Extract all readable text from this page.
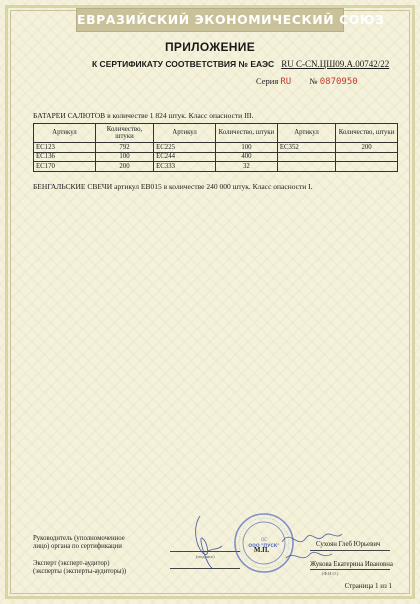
ЕВРАЗИЙСКИЙ ЭКОНОМИЧЕСКИЙ СОЮЗ
ПРИЛОЖЕНИЕ
К СЕРТИФИКАТУ СООТВЕТСТВИЯ № ЕАЭС RU C-CN.ЦШ09.А.00742/22
Серия RU № 0870950
БАТАРЕИ САЛЮТОВ в количестве 1 824 штук. Класс опасности III.
Артикул	Количество, штуки	Артикул	Количество, штуки	Артикул	Количество, штуки
EC123	792	EC225	100	EC352	200
EC136	100	EC244	400		
EC170	200	EC333	32		
БЕНГАЛЬСКИЕ СВЕЧИ артикул EB015 в количестве 240 000 штук. Класс опасности I.
Руководитель (уполномоченное
лицо) органа по сертификации
(подпись)
Сухоян Глеб Юрьевич
М.П.
Эксперт (эксперт-аудитор)
(эксперты (эксперты-аудиторы))
Жукова Екатерина Ивановна
(Ф.И.О.)
ОС
ООО "ПУСК"
Страница 1 из 1
